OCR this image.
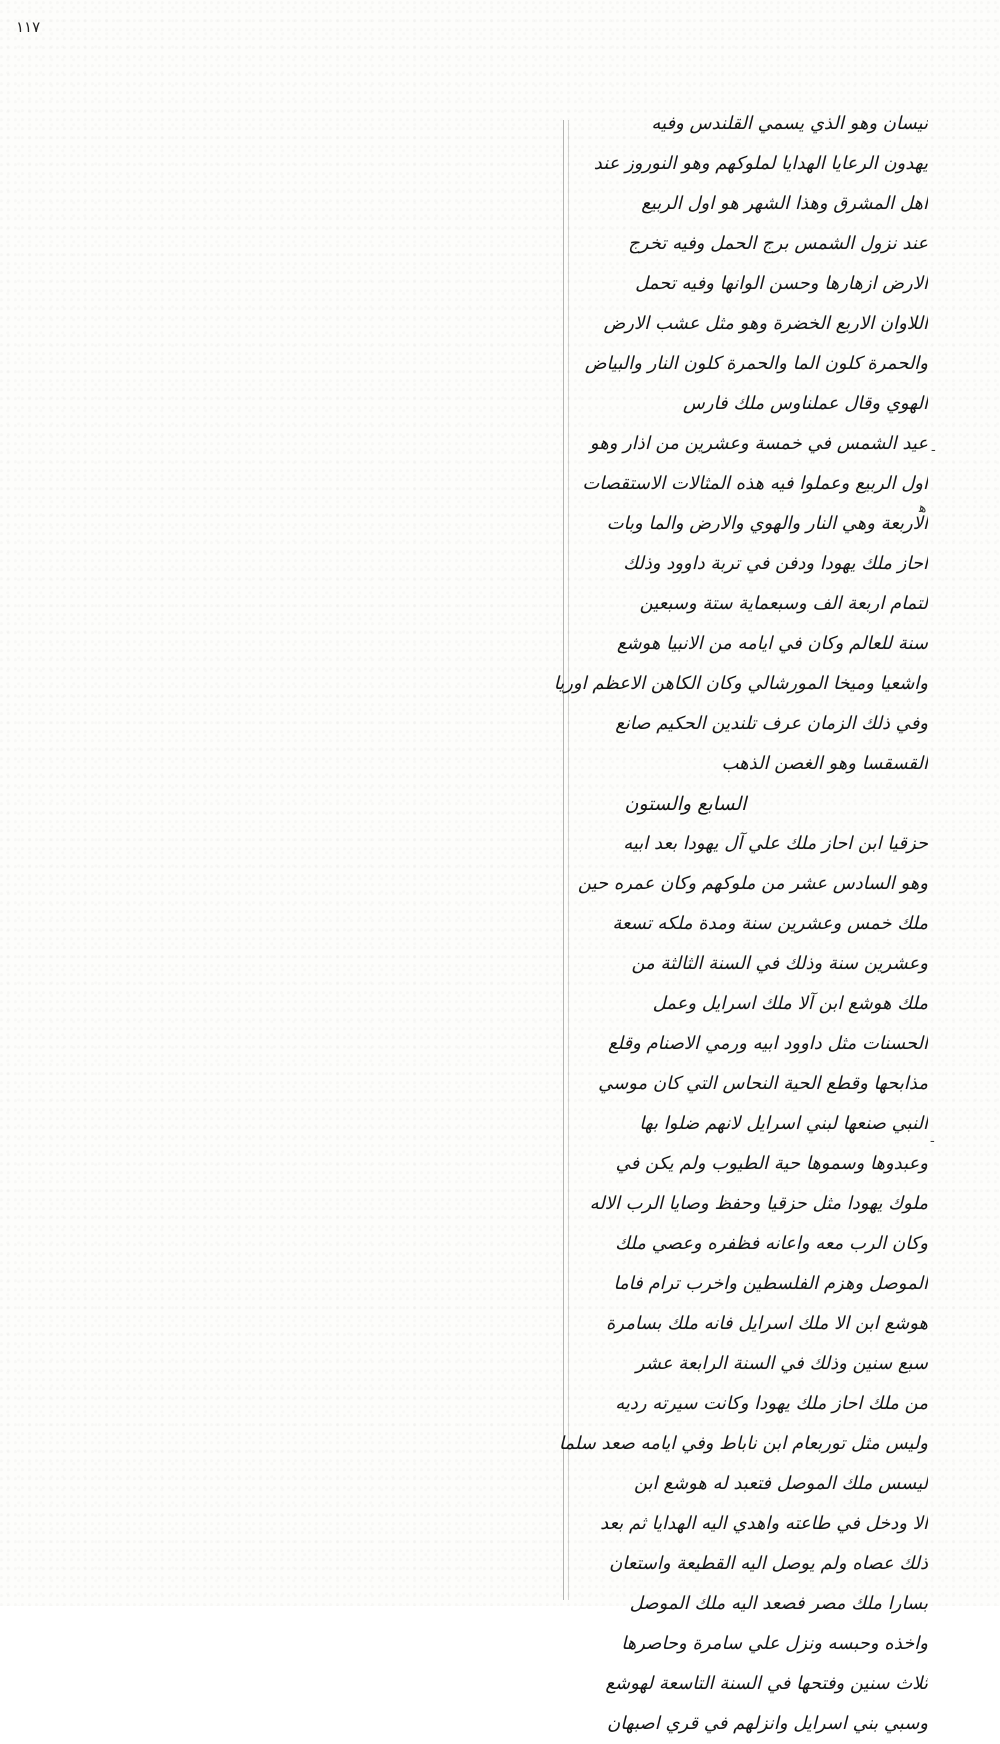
١١٧
-
ﻫ
-
نيسان وهو الذي يسمي القلندس وفيه
يهدون الرعايا الهدايا لملوكهم وهو النوروز عند
اهل المشرق وهذا الشهر هو اول الربيع
عند نزول الشمس برج الحمل وفيه تخرج
الارض ازهارها وحسن الوانها وفيه تحمل
اللاوان الاربع الخضرة وهو مثل عشب الارض
والحمرة كلون الما والحمرة كلون النار والبياض
الهوي وقال عملناوس ملك فارس
عيد الشمس في خمسة وعشرين من اذار وهو
اول الربيع وعملوا فيه هذه المثالات الاستقصات
الاربعة وهي النار والهوي والارض والما وبات
احاز ملك يهودا ودفن في تربة داوود وذلك
لتمام اربعة الف وسبعماية ستة وسبعين
سنة للعالم وكان في ايامه من الانبيا هوشع
واشعيا وميخا المورشالي وكان الكاهن الاعظم اوريا
وفي ذلك الزمان عرف تلندين الحكيم صانع
القسقسا وهو الغصن الذهب
السابع والستون
حزقيا ابن احاز ملك علي آل يهودا بعد ابيه
وهو السادس عشر من ملوكهم وكان عمره حين
ملك خمس وعشرين سنة ومدة ملكه تسعة
وعشرين سنة وذلك في السنة الثالثة من
ملك هوشع ابن آلا ملك اسرايل وعمل
الحسنات مثل داوود ابيه ورمي الاصنام وقلع
مذابحها وقطع الحية النحاس التي كان موسي
النبي صنعها لبني اسرايل لانهم ضلوا بها
وعبدوها وسموها حية الطيوب ولم يكن في
ملوك يهودا مثل حزقيا وحفظ وصايا الرب الاله
وكان الرب معه واعانه فظفره وعصي ملك
الموصل وهزم الفلسطين واخرب ترام فاما
هوشع ابن الا ملك اسرايل فانه ملك بسامرة
سبع سنين وذلك في السنة الرابعة عشر
من ملك احاز ملك يهودا وكانت سيرته رديه
وليس مثل توربعام ابن ناباط وفي ايامه صعد سلما
ليسس ملك الموصل فتعبد له هوشع ابن
الا ودخل في طاعته واهدي اليه الهدايا ثم بعد
ذلك عصاه ولم يوصل اليه القطيعة واستعان
بسارا ملك مصر فصعد اليه ملك الموصل
واخذه وحبسه ونزل علي سامرة وحاصرها
ثلاث سنين وفتحها في السنة التاسعة لهوشع
وسبي بني اسرايل وانزلهم في قري اصبهان
